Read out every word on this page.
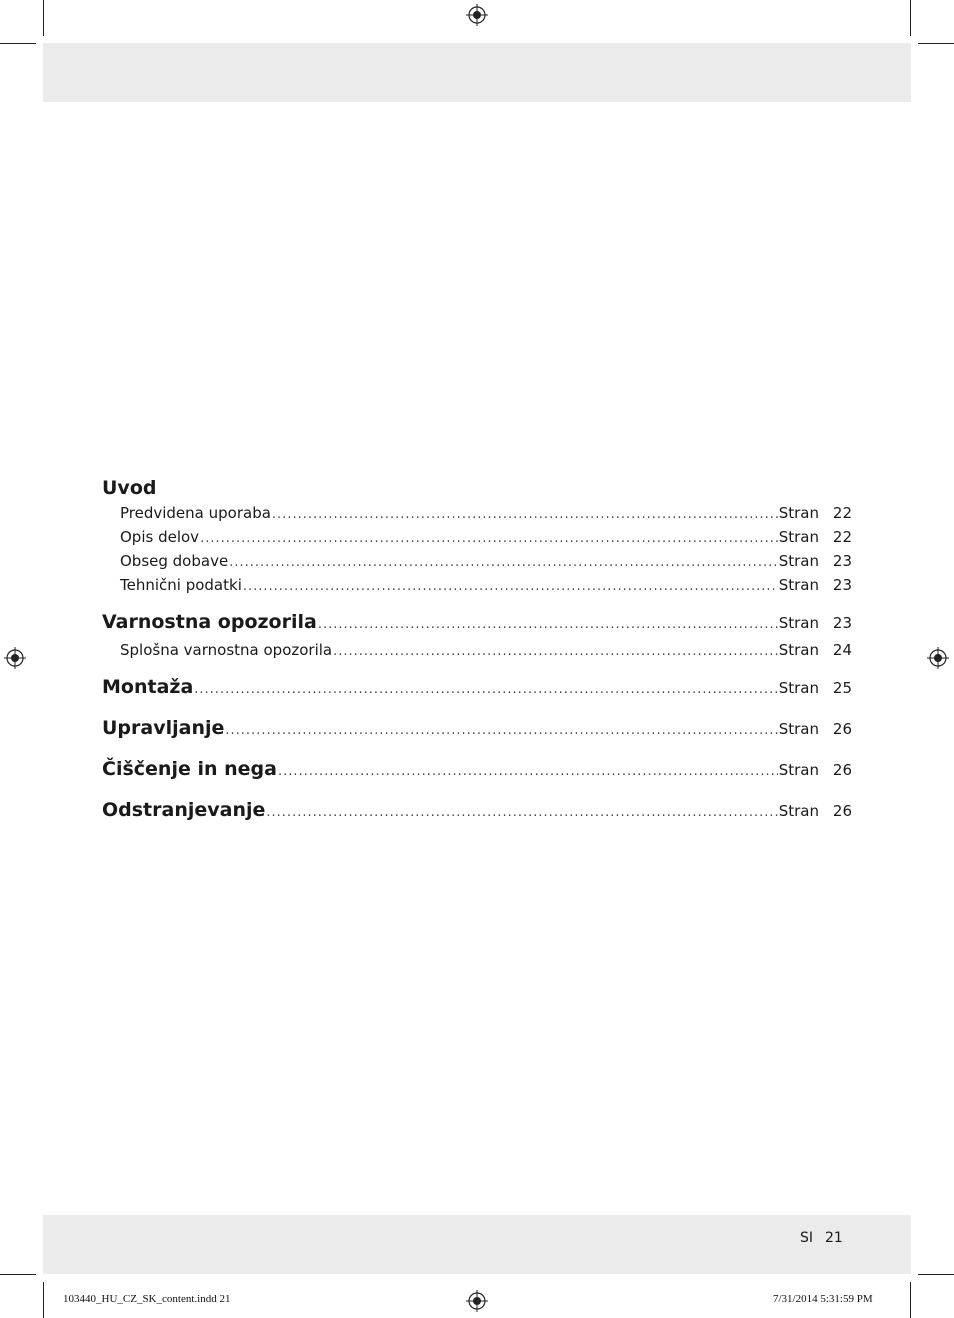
Uvod
Predvidena uporaba .....	Stran 22
Opis delov .....	Stran 22
Obseg dobave .....	Stran 23
Tehnični podatki .....	Stran 23
Varnostna opozorila .....	Stran 23
Splošna varnostna opozorila .....	Stran 24
Montaža .....	Stran 25
Upravljanje .....	Stran 26
Čiščenje in nega .....	Stran 26
Odstranjevanje .....	Stran 26
SI 21
103440_HU_CZ_SK_content.indd 21	7/31/2014 5:31:59 PM
